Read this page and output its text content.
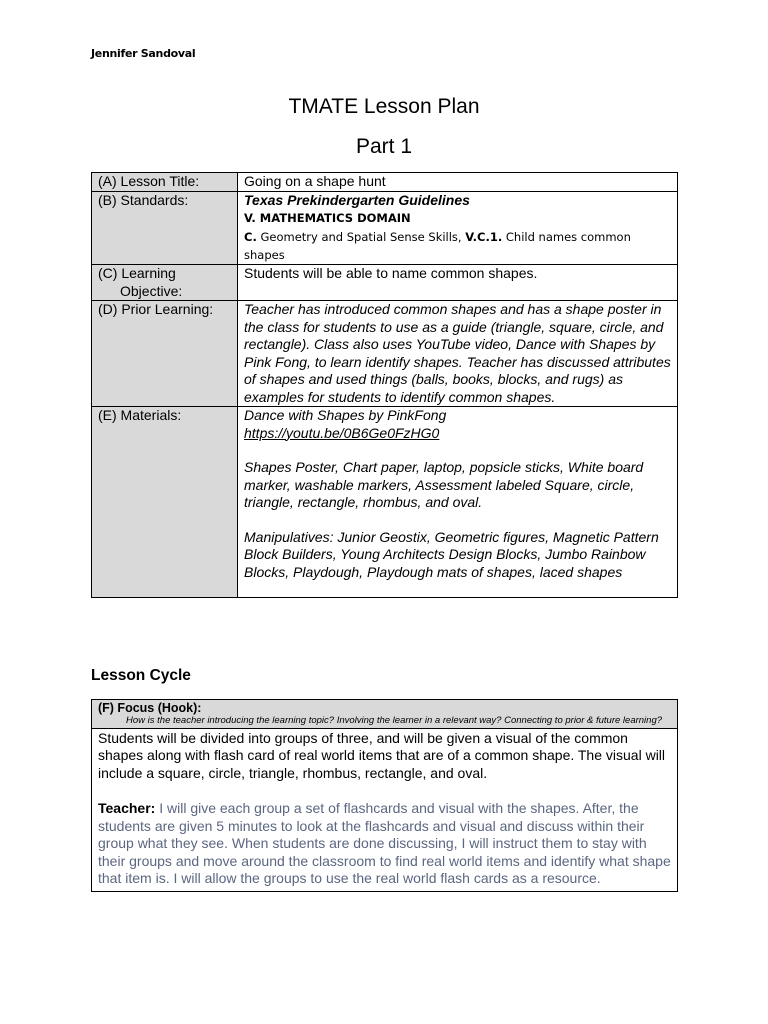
Jennifer Sandoval
TMATE Lesson Plan
Part 1
(A) Lesson Title:	Going on a shape hunt
(B) Standards:	Texas Prekindergarten Guidelines
V. MATHEMATICS DOMAIN
C. Geometry and Spatial Sense Skills, V.C.1. Child names common shapes

(C) Learning
Objective:	Students will be able to name common shapes.
(D) Prior Learning:	Teacher has introduced common shapes and has a shape poster in the class for students to use as a guide (triangle, square, circle, and rectangle). Class also uses YouTube video, Dance with Shapes by Pink Fong, to learn identify shapes. Teacher has discussed attributes of shapes and used things (balls, books, blocks, and rugs) as examples for students to identify common shapes.
(E) Materials:	Dance with Shapes by PinkFong
https://youtu.be/0B6Ge0FzHG0
Shapes Poster, Chart paper, laptop, popsicle sticks, White board marker, washable markers, Assessment labeled Square, circle, triangle, rectangle, rhombus, and oval.
Manipulatives: Junior Geostix, Geometric figures, Magnetic Pattern Block Builders, Young Architects Design Blocks, Jumbo Rainbow Blocks, Playdough, Playdough mats of shapes, laced shapes
Lesson Cycle
(F) Focus (Hook):
How is the teacher introducing the learning topic? Involving the learner in a relevant way? Connecting to prior & future learning?

Students will be divided into groups of three, and will be given a visual of the common shapes along with flash card of real world items that are of a common shape. The visual will include a square, circle, triangle, rhombus, rectangle, and oval.
Teacher: I will give each group a set of flashcards and visual with the shapes. After, the students are given 5 minutes to look at the flashcards and visual and discuss within their group what they see. When students are done discussing, I will instruct them to stay with their groups and move around the classroom to find real world items and identify what shape that item is. I will allow the groups to use the real world flash cards as a resource.
